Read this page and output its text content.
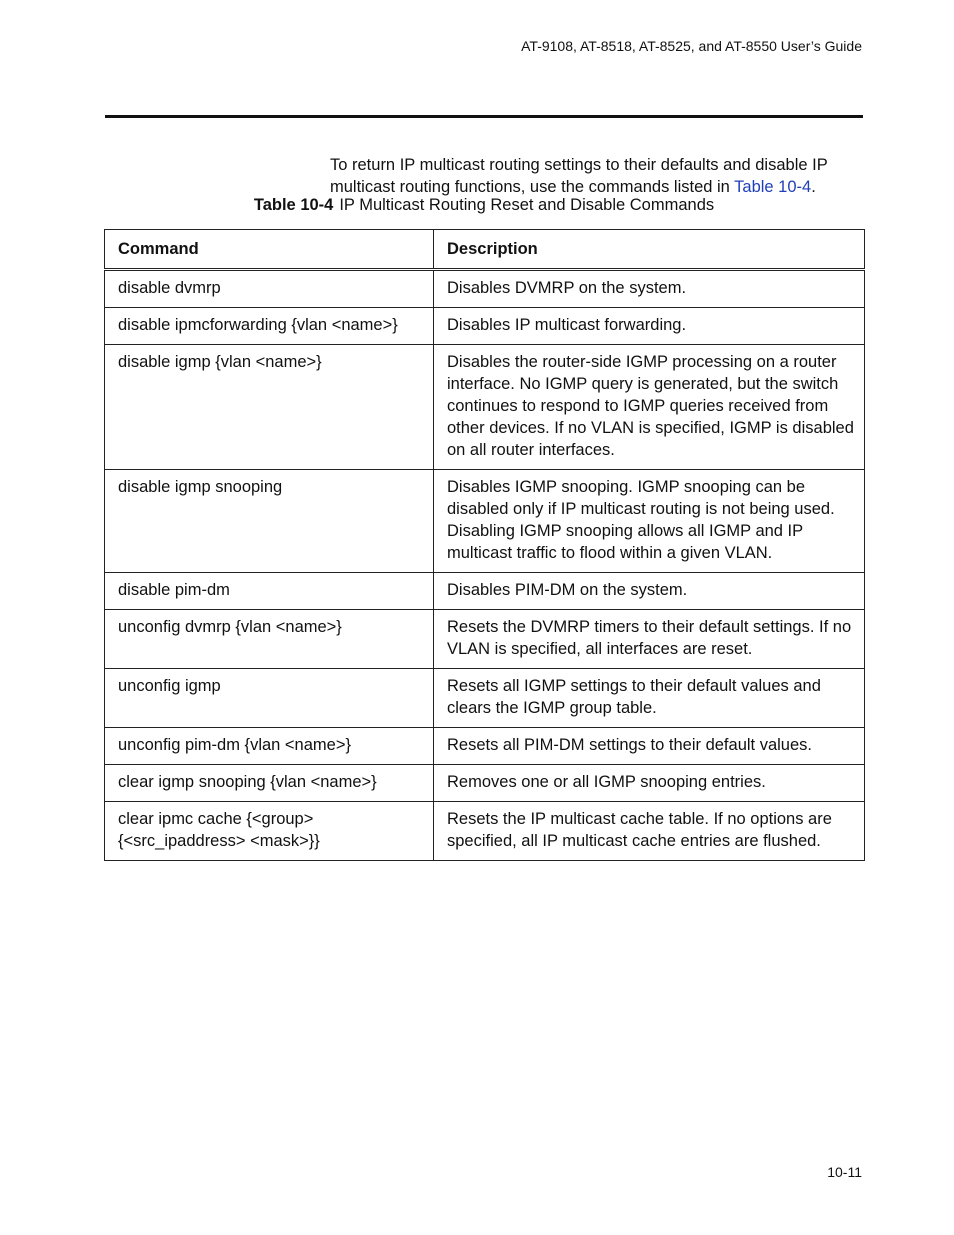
AT-9108, AT-8518, AT-8525, and AT-8550 User’s Guide

To return IP multicast routing settings to their defaults and disable IP multicast routing functions, use the commands listed in Table 10-4.

Table 10-4 IP Multicast Routing Reset and Disable Commands
Command	Description
disable dvmrp	Disables DVMRP on the system.
disable ipmcforwarding {vlan <name>}	Disables IP multicast forwarding.
disable igmp {vlan <name>}	Disables the router-side IGMP processing on a router interface. No IGMP query is generated, but the switch continues to respond to IGMP queries received from other devices. If no VLAN is specified, IGMP is disabled on all router interfaces.
disable igmp snooping	Disables IGMP snooping. IGMP snooping can be disabled only if IP multicast routing is not being used. Disabling IGMP snooping allows all IGMP and IP multicast traffic to flood within a given VLAN.
disable pim-dm	Disables PIM-DM on the system.
unconfig dvmrp {vlan <name>}	Resets the DVMRP timers to their default settings. If no VLAN is specified, all interfaces are reset.
unconfig igmp	Resets all IGMP settings to their default values and clears the IGMP group table.
unconfig pim-dm {vlan <name>}	Resets all PIM-DM settings to their default values.
clear igmp snooping {vlan <name>}	Removes one or all IGMP snooping entries.
clear ipmc cache {<group> {<src_ipaddress> <mask>}}	Resets the IP multicast cache table. If no options are specified, all IP multicast cache entries are flushed.
10-11
